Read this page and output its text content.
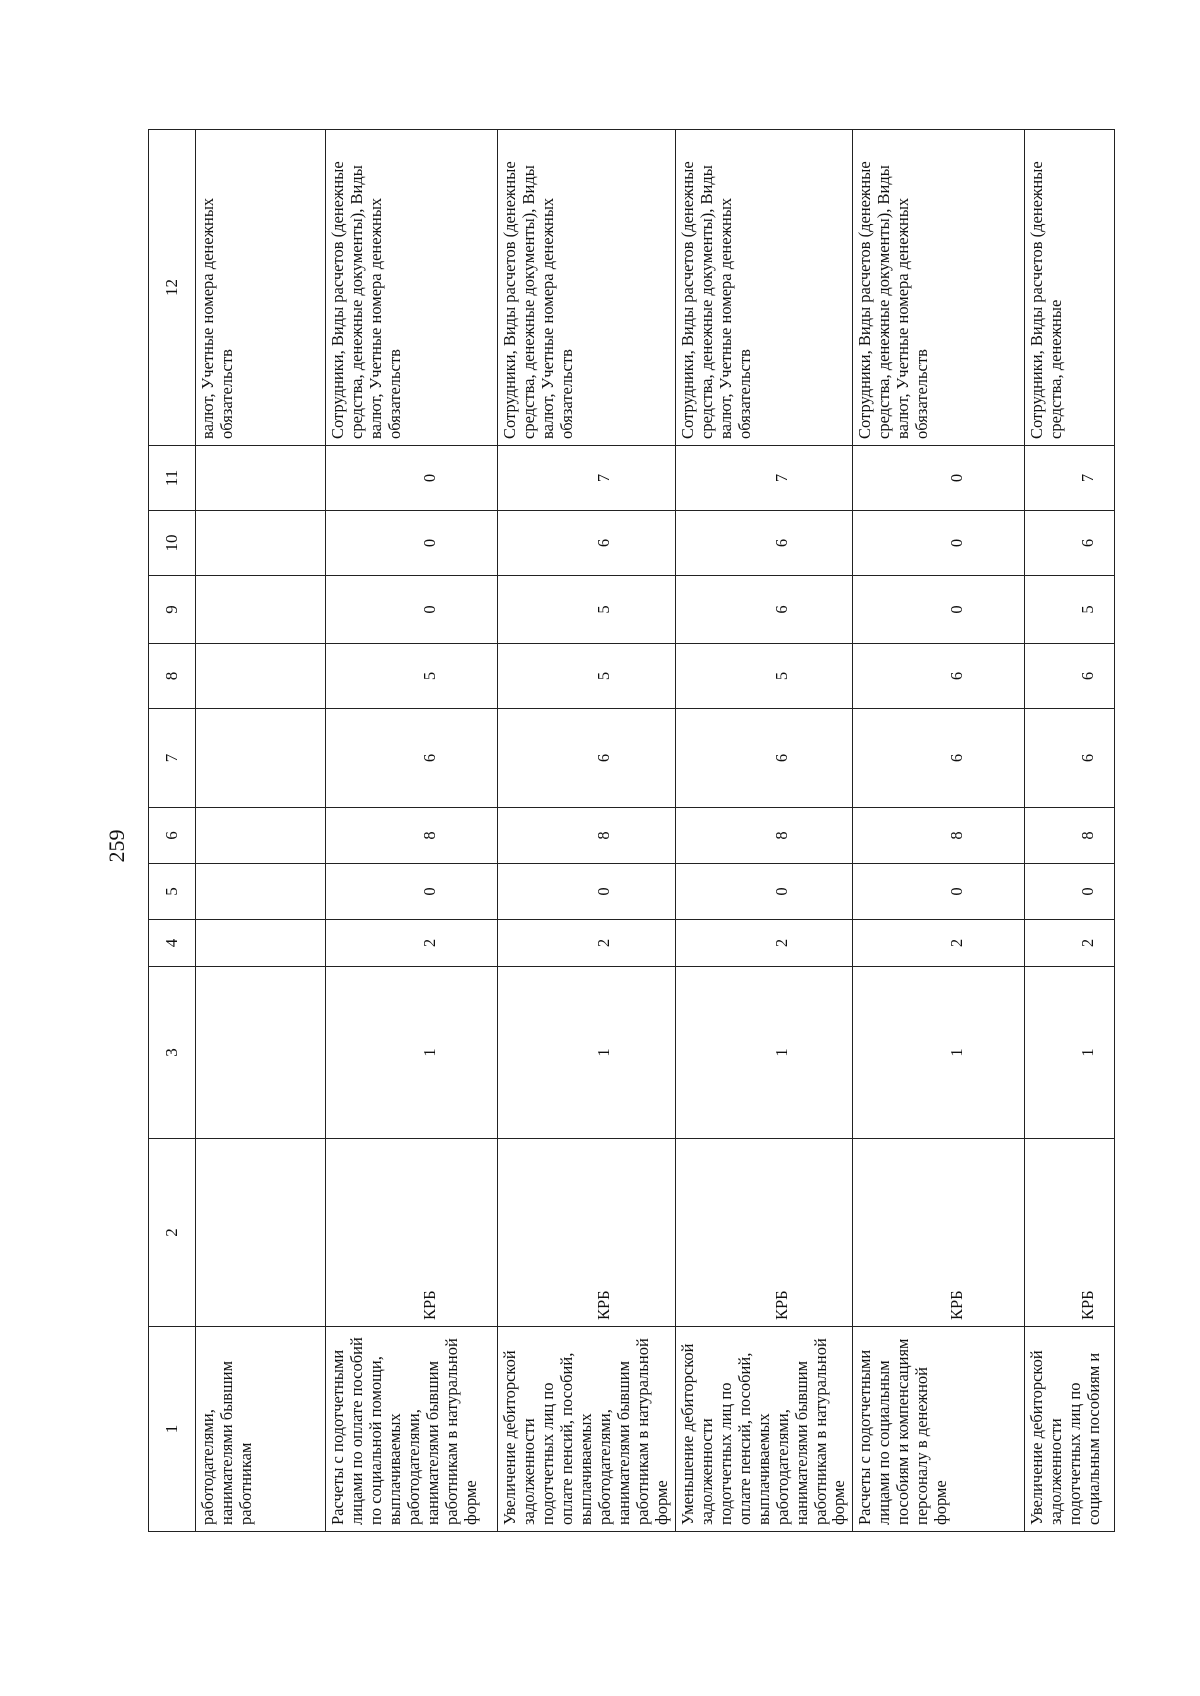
259
1	2	3	4	5	6	7	8	9	10	11	12
работодателями, нанимателями бывшим работникам											валют, Учетные номера денежных обязательств
Расчеты с подотчетными лицами по оплате пособий по социальной помощи, выплачиваемых работодателями, нанимателями бывшим работникам в натуральной форме	КРБ	1	2	0	8	6	5	0	0	0	Сотрудники, Виды расчетов (денежные средства, денежные документы), Виды валют, Учетные номера денежных обязательств
Увеличение дебиторской задолженности подотчетных лиц по оплате пенсий, пособий, выплачиваемых работодателями, нанимателями бывшим работникам в натуральной форме	КРБ	1	2	0	8	6	5	5	6	7	Сотрудники, Виды расчетов (денежные средства, денежные документы), Виды валют, Учетные номера денежных обязательств
Уменьшение дебиторской задолженности подотчетных лиц по оплате пенсий, пособий, выплачиваемых работодателями, нанимателями бывшим работникам в натуральной форме	КРБ	1	2	0	8	6	5	6	6	7	Сотрудники, Виды расчетов (денежные средства, денежные документы), Виды валют, Учетные номера денежных обязательств
Расчеты с подотчетными лицами по социальным пособиям и компенсациям персоналу в денежной форме	КРБ	1	2	0	8	6	6	0	0	0	Сотрудники, Виды расчетов (денежные средства, денежные документы), Виды валют, Учетные номера денежных обязательств
Увеличение дебиторской задолженности подотчетных лиц по социальным пособиям и	КРБ	1	2	0	8	6	6	5	6	7	Сотрудники, Виды расчетов (денежные средства, денежные
